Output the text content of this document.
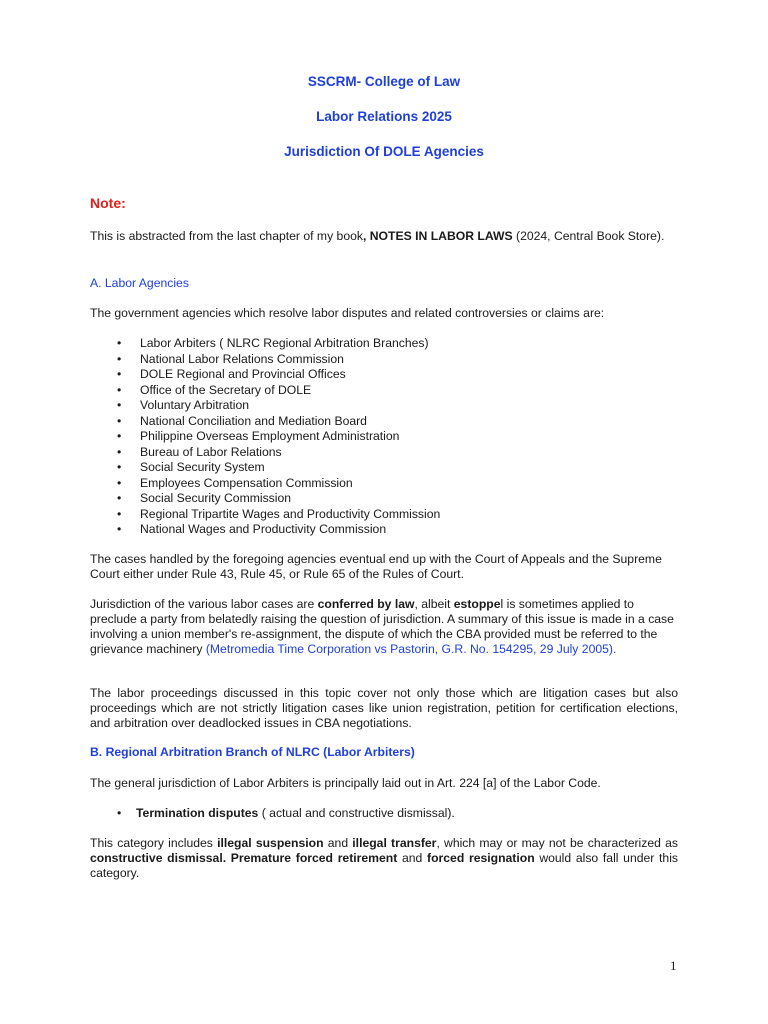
SSCRM- College of Law
Labor Relations 2025
Jurisdiction Of DOLE Agencies
Note:

This is abstracted from the last chapter of my book, NOTES IN LABOR LAWS (2024, Central Book Store).

A. Labor Agencies

The government agencies which resolve labor disputes and related controversies or claims are:

• Labor Arbiters ( NLRC Regional Arbitration Branches)
• National Labor Relations Commission
• DOLE Regional and Provincial Offices
• Office of the Secretary of DOLE
• Voluntary Arbitration
• National Conciliation and Mediation Board
• Philippine Overseas Employment Administration
• Bureau of Labor Relations
• Social Security System
• Employees Compensation Commission
• Social Security Commission
• Regional Tripartite Wages and Productivity Commission
• National Wages and Productivity Commission

The cases handled by the foregoing agencies eventual end up with the Court of Appeals and the Supreme Court either under Rule 43, Rule 45, or Rule 65 of the Rules of Court.

Jurisdiction of the various labor cases are conferred by law, albeit estoppel is sometimes applied to preclude a party from belatedly raising the question of jurisdiction. A summary of this issue is made in a case involving a union member's re-assignment, the dispute of which the CBA provided must be referred to the grievance machinery (Metromedia Time Corporation vs Pastorin, G.R. No. 154295, 29 July 2005).

The labor proceedings discussed in this topic cover not only those which are litigation cases but also proceedings which are not strictly litigation cases like union registration, petition for certification elections, and arbitration over deadlocked issues in CBA negotiations.

B. Regional Arbitration Branch of NLRC (Labor Arbiters)

The general jurisdiction of Labor Arbiters is principally laid out in Art. 224 [a] of the Labor Code.

• Termination disputes ( actual and constructive dismissal).

This category includes illegal suspension and illegal transfer, which may or may not be characterized as constructive dismissal. Premature forced retirement and forced resignation would also fall under this category.

1
